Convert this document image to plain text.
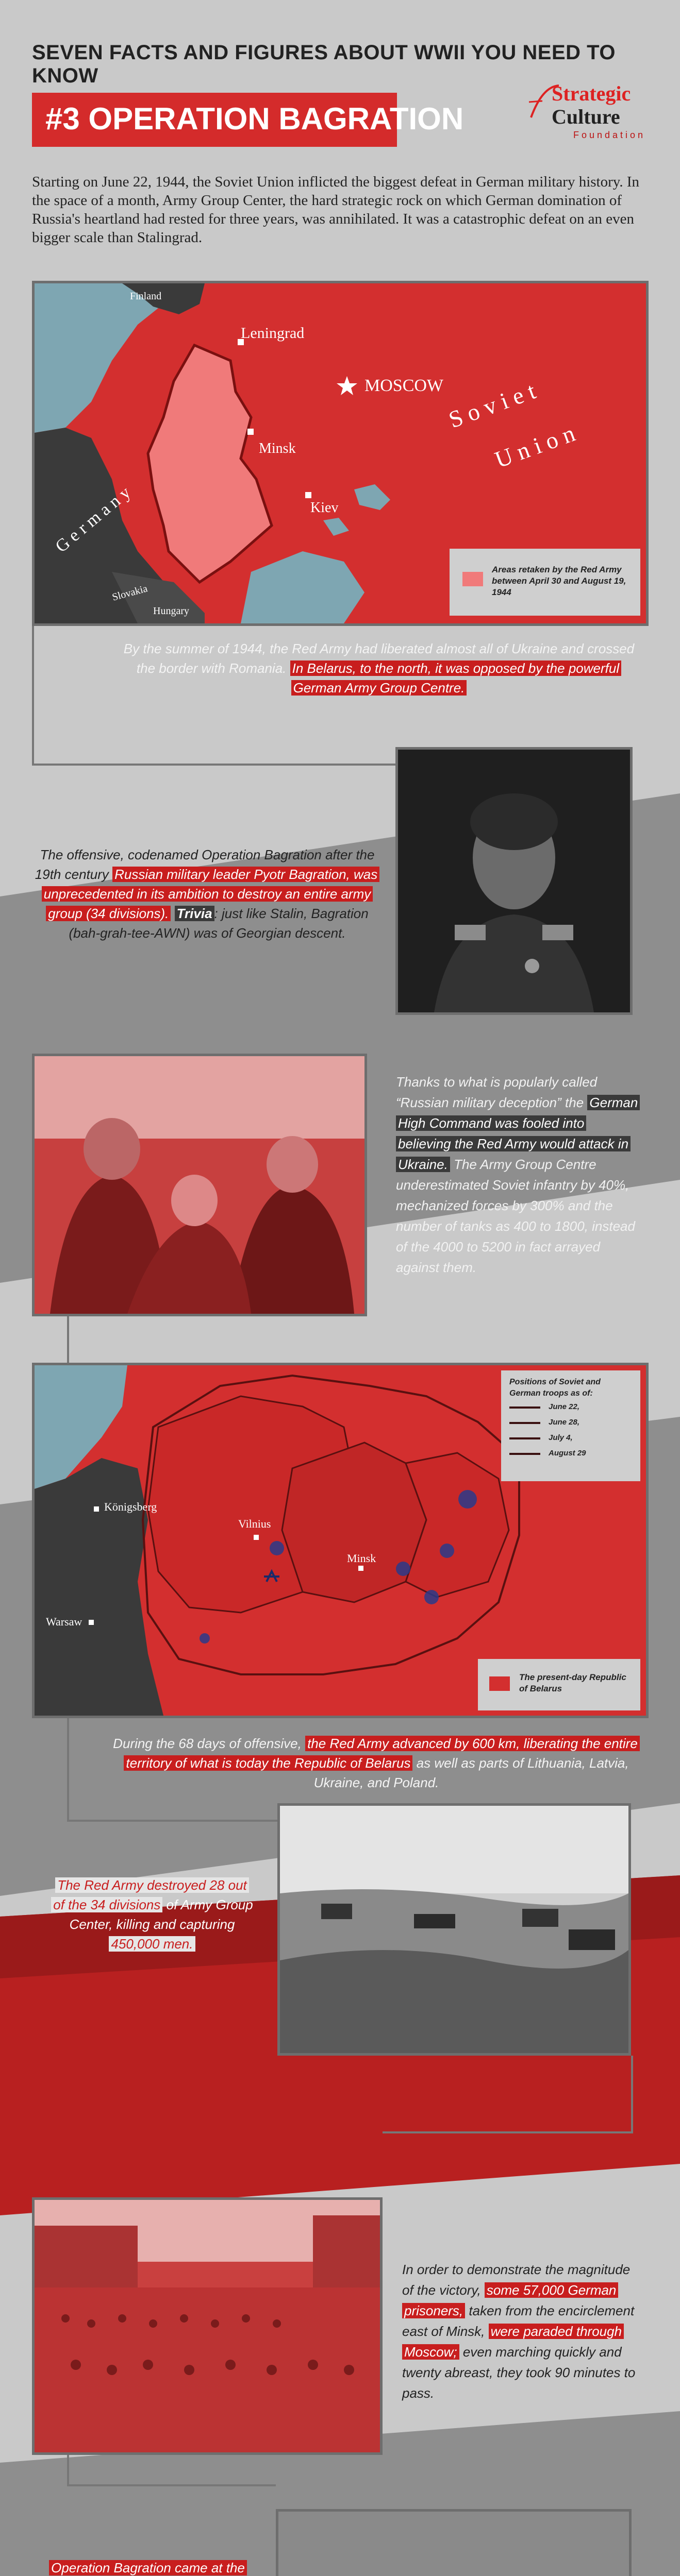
SEVEN FACTS AND FIGURES ABOUT WWII YOU NEED TO KNOW
#3 OPERATION BAGRATION
Strategic
Culture
Foundation
Starting on June 22, 1944, the Soviet Union inflicted the biggest defeat in German military history. In the space of a month, Army Group Center, the hard strategic rock on which German domination of Russia's heartland had rested for three years, was annihilated. It was a catastrophic defeat on an even bigger scale than Stalingrad.
Finland
Leningrad
MOSCOW S o v i e t
U n i o n
Minsk
Kiev
G e r m a n y
Slovakia
Hungary
Areas retaken by the Red Army between April 30 and August 19, 1944
By the summer of 1944, the Red Army had liberated almost all of Ukraine and crossed the border with Romania. In Belarus, to the north, it was opposed by the powerful German Army Group Centre.
The offensive, codenamed Operation Bagration after the 19th century Russian military leader Pyotr Bagration, was unprecedented in its ambition to destroy an entire army group (34 divisions). Trivia : just like Stalin, Bagration (bah-grah-tee-AWN) was of Georgian descent.
Thanks to what is popularly called “Russian military deception” the German High Command was fooled into believing the Red Army would attack in Ukraine. The Army Group Centre underestimated Soviet infantry by 40%, mechanized forces by 300% and the number of tanks as 400 to 1800, instead of the 4000 to 5200 in fact arrayed against them.
Königsberg
Vilnius
Minsk
Warsaw
Positions of Soviet and German troops as of:
June 22,
June 28,
July 4,
August 29
The present-day Republic of Belarus
During the 68 days of offensive, the Red Army advanced by 600 km, liberating the entire territory of what is today the Republic of Belarus as well as parts of Lithuania, Latvia, Ukraine, and Poland.
The Red Army destroyed 28 out of the 34 divisions of Army Group Center, killing and capturing 450,000 men.
In order to demonstrate the magnitude of the victory, some 57,000 German prisoners, taken from the encirclement east of Minsk, were paraded through Moscow; even marching quickly and twenty abreast, they took 90 minutes to pass.
Operation Bagration came at the
